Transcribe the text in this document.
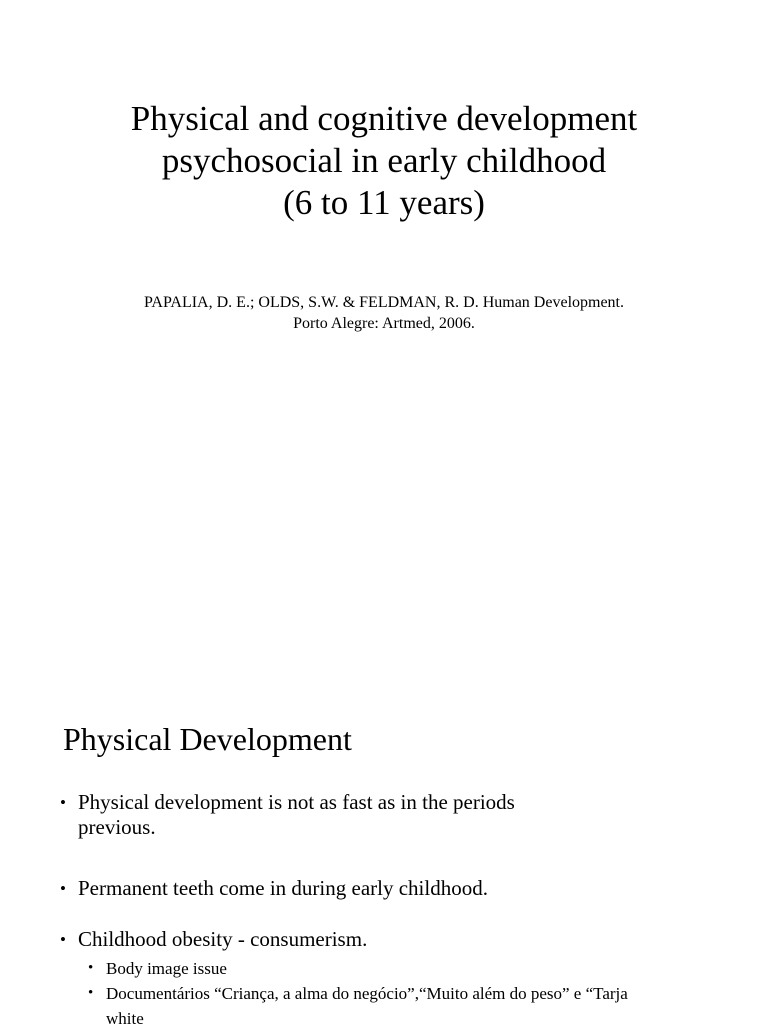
Physical and cognitive development
psychosocial in early childhood
(6 to 11 years)
PAPALIA, D. E.; OLDS, S.W. & FELDMAN, R. D. Human Development.
Porto Alegre: Artmed, 2006.
Physical Development
• Physical development is not as fast as in the periods
previous.
• Permanent teeth come in during early childhood.
• Childhood obesity - consumerism.
• Body image issue
• Documentários “Criança, a alma do negócio”,“Muito além do peso” e “Tarja
white
